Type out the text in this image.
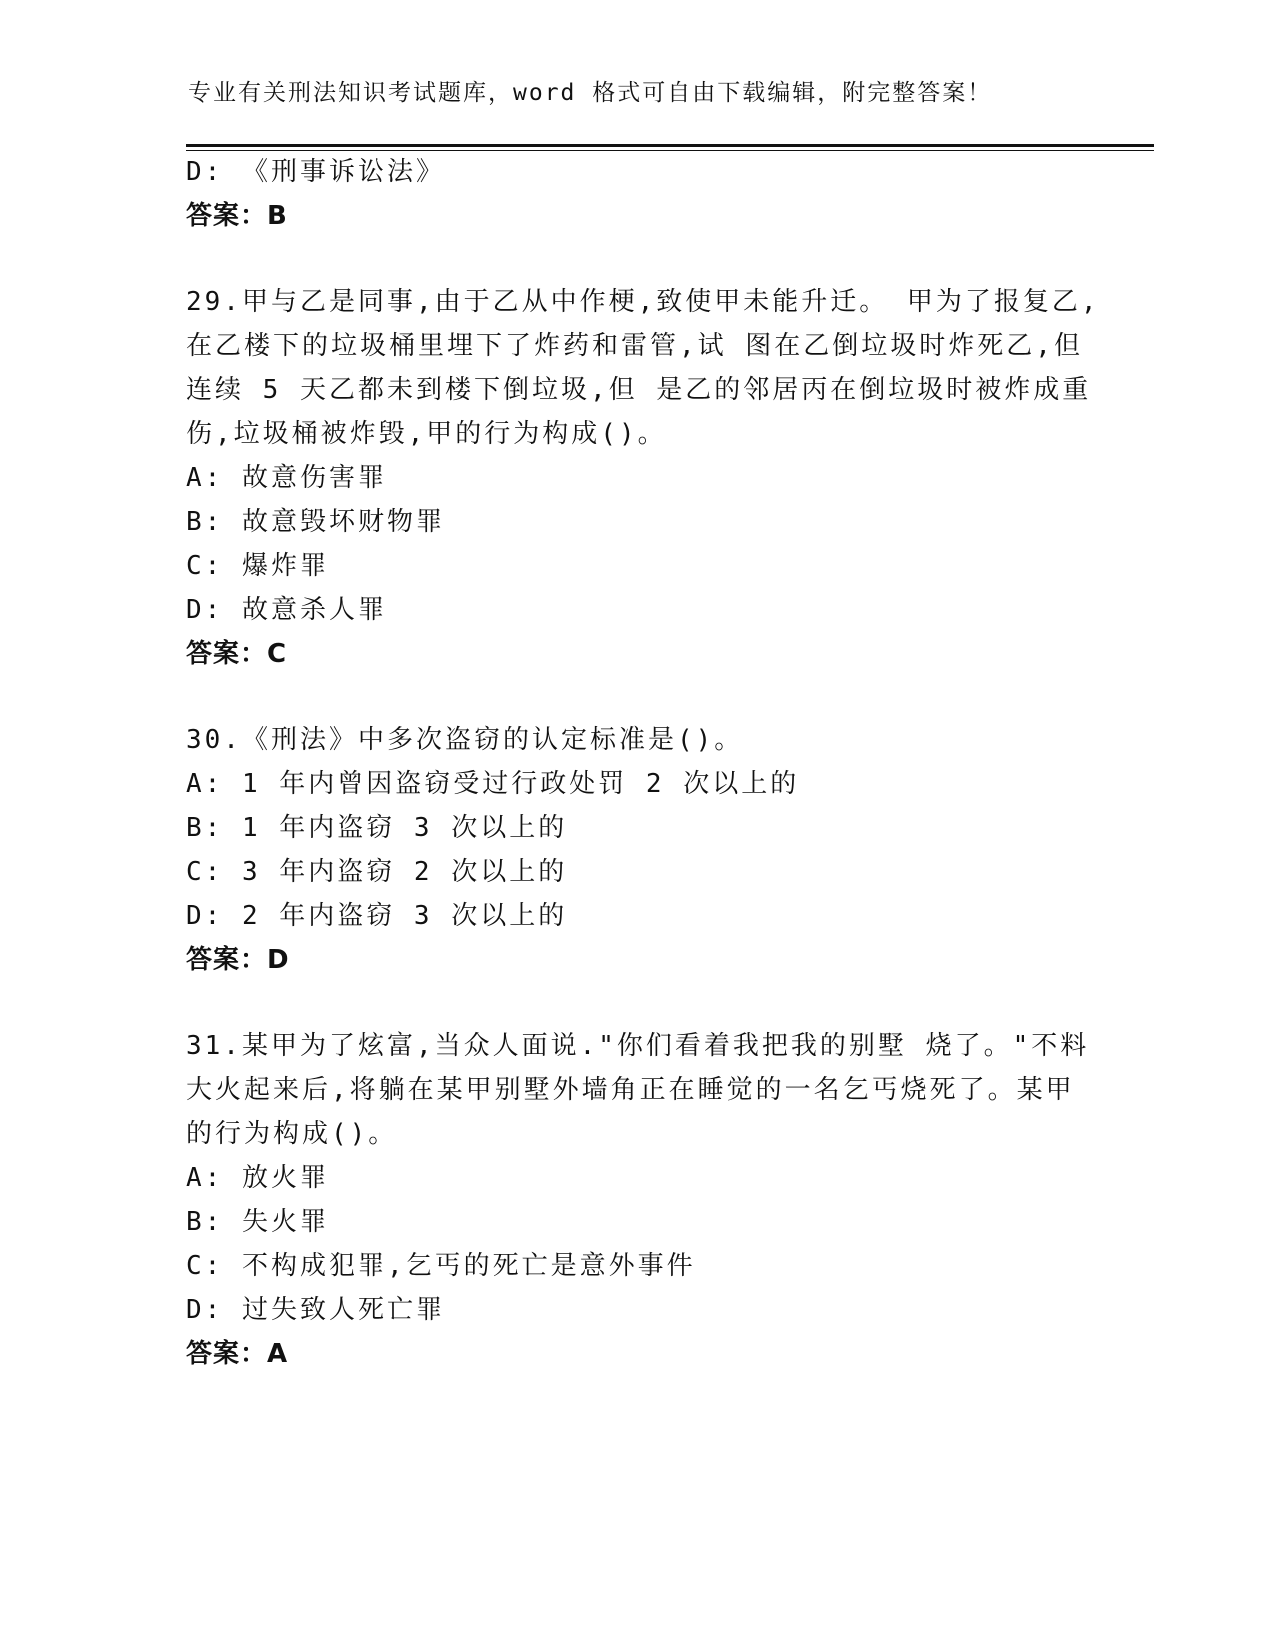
专业有关刑法知识考试题库，word 格式可自由下载编辑，附完整答案！
D: 《刑事诉讼法》
答案：B
29.甲与乙是同事,由于乙从中作梗,致使甲未能升迁。 甲为了报复乙,
在乙楼下的垃圾桶里埋下了炸药和雷管,试 图在乙倒垃圾时炸死乙,但
连续 5 天乙都未到楼下倒垃圾,但 是乙的邻居丙在倒垃圾时被炸成重
伤,垃圾桶被炸毁,甲的行为构成()。
A: 故意伤害罪
B: 故意毁坏财物罪
C: 爆炸罪
D: 故意杀人罪
答案：C
30.《刑法》中多次盗窃的认定标准是()。
A: 1 年内曾因盗窃受过行政处罚 2 次以上的
B: 1 年内盗窃 3 次以上的
C: 3 年内盗窃 2 次以上的
D: 2 年内盗窃 3 次以上的
答案：D
31.某甲为了炫富,当众人面说."你们看着我把我的别墅 烧了。"不料
大火起来后,将躺在某甲别墅外墙角正在睡觉的一名乞丐烧死了。某甲
的行为构成()。
A: 放火罪
B: 失火罪
C: 不构成犯罪,乞丐的死亡是意外事件
D: 过失致人死亡罪
答案：A
